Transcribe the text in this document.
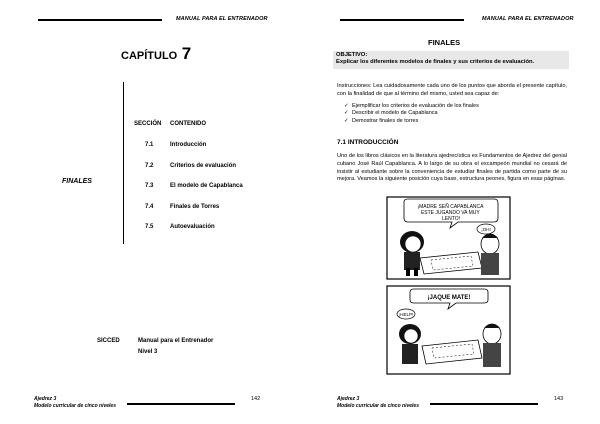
MANUAL PARA EL ENTRENADOR
CAPÍTULO 7
FINALES
SECCIÓN CONTENIDO
7.1	Introducción
7.2	Criterios de evaluación
7.3	El modelo de Capablanca
7.4	Finales de Torres
7.5	Autoevaluación
SICCED	Manual para el Entrenador
Nivel 3
Ajedrez 3
Modelo curricular de cinco niveles
142
MANUAL PARA EL ENTRENADOR
FINALES
OBJETIVO:
Explicar los diferentes modelos de finales y sus criterios de evaluación.
Instrucciones: Lea cuidadosamente cada uno de los puntos que aborda el presente capítulo, con la finalidad de que al término del mismo, usted sea capaz de:
✓ Ejemplificar los criterios de evaluación de los finales
✓ Describir el modelo de Capablanca
✓ Demostrar finales de torres
7.1 INTRODUCCIÓN
Uno de los libros clásicos en la literatura ajedrecística es Fundamentos de Ajedrez del genial cubano José Raúl Capablanca. A lo largo de su obra el excampeón mundial no cesará de insistir al estudiante sobre la conveniencia de estudiar finales de partida como parte de su mejora. Veamos la siguiente posición cuya base, estructura peones, figura en esas páginas.
¡MADRE SEÑ CAPABLANCA ESTE JUGANDO VA MUY LENTO!
¡OH!
¡JAQUE MATE!
¡HELP!
Ajedrez 3
Modelo curricular de cinco niveles
143
